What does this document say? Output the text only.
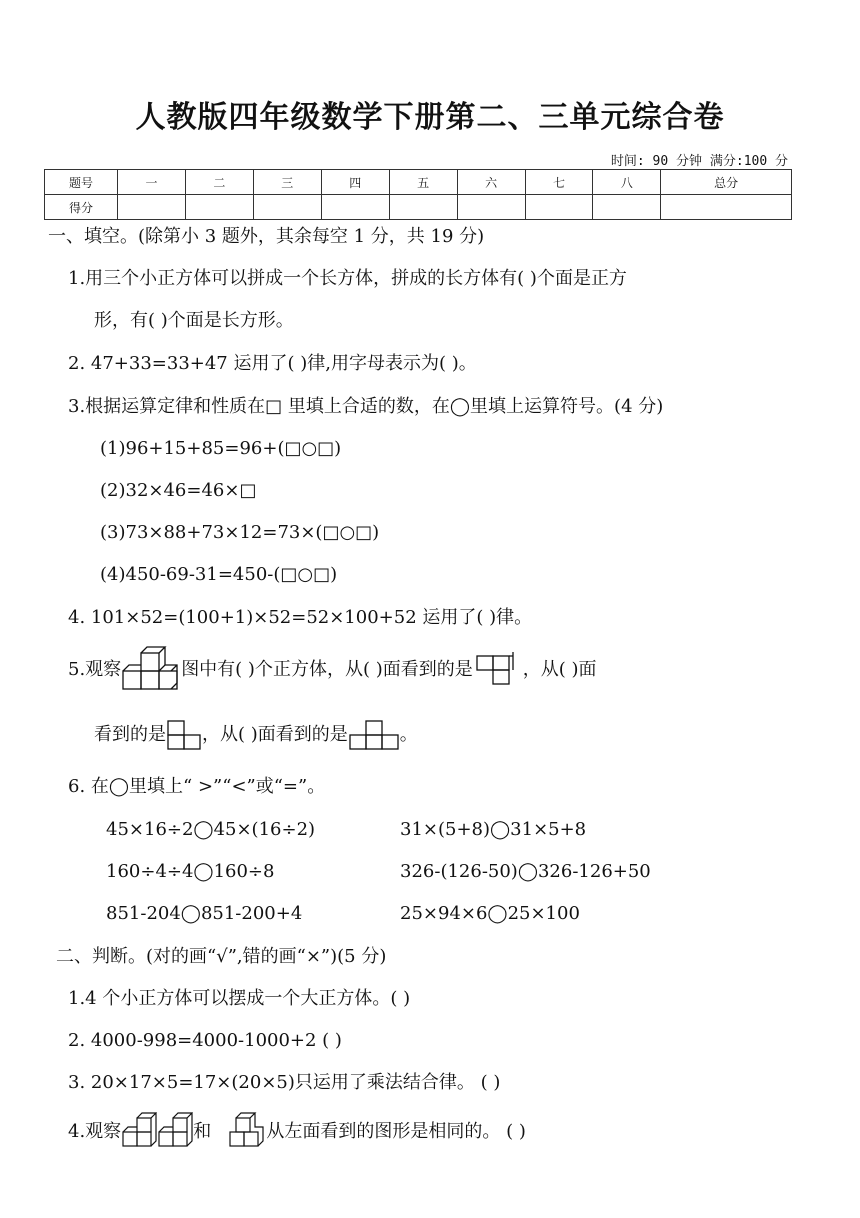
人教版四年级数学下册第二、三单元综合卷
时间: 90 分钟 满分:100 分
题号	一	二	三	四	五	六	七	八	总分
得分									
一、填空。(除第小 3 题外，其余每空 1 分，共 19 分)
1.用三个小正方体可以拼成一个长方体，拼成的长方体有( )个面是正方
形，有( )个面是长方形。
2. 47+33=33+47 运用了( )律,用字母表示为( )。
3.根据运算定律和性质在□ 里填上合适的数，在◯里填上运算符号。(4 分)
(1)96+15+85=96+(□○□)
(2)32×46=46×□
(3)73×88+73×12=73×(□○□)
(4)450-69-31=450-(□○□)
4. 101×52=(100+1)×52=52×100+52 运用了( )律。
5.观察	图中有( )个正方体，从( )面看到的是	，从( )面
看到的是 ，从( )面看到的是	。
6. 在◯里填上“ >”“<”或“=”。
45×16÷2◯45×(16÷2)	31×(5+8)◯31×5+8
160÷4÷4◯160÷8	326-(126-50)◯326-126+50
851-204◯851-200+4	25×94×6◯25×100
二、判断。(对的画“√”,错的画“×”)(5 分)
1.4 个小正方体可以摆成一个大正方体。( )
2. 4000-998=4000-1000+2 ( )
3. 20×17×5=17×(20×5)只运用了乘法结合律。 ( )
4.观察	和	从左面看到的图形是相同的。 ( )
